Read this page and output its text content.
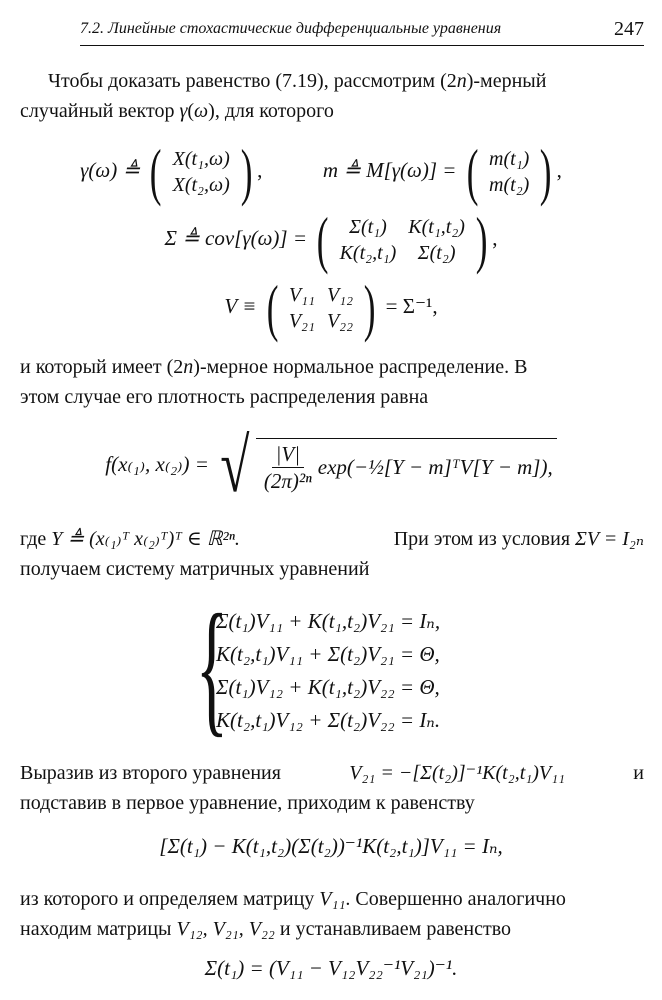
7.2. Линейные стохастические дифференциальные уравнения	247
Чтобы доказать равенство (7.19), рассмотрим (2n)-мерный
случайный вектор γ(ω), для которого
γ(ω) ≜ ( X(t₁,ω)
X(t₂,ω) ) ,	m ≜ M[γ(ω)] = ( m(t₁)
m(t₂) ) ,
Σ ≜ cov[γ(ω)] = ( Σ(t₁)	K(t₁,t₂)
K(t₂,t₁)	Σ(t₂) ) ,
V ≡ ( V₁₁	V₁₂
V₂₁	V₂₂ ) = Σ⁻¹,
и который имеет (2n)-мерное нормальное распределение. В
этом случае его плотность распределения равна
f(x₍₁₎, x₍₂₎) = √ $\frac{|V|}{\text{(2π)²ⁿ}}$ exp(−½[Y − m]ᵀV[Y − m]),
где Y ≜ (x₍₁₎ᵀ x₍₂₎ᵀ)ᵀ ∈ ℝ²ⁿ.	При этом из условия ΣV = I₂ₙ
получаем систему матричных уравнений
{
Σ(t₁)V₁₁ + K(t₁,t₂)V₂₁ = Iₙ,
K(t₂,t₁)V₁₁ + Σ(t₂)V₂₁ = Θ,
Σ(t₁)V₁₂ + K(t₁,t₂)V₂₂ = Θ,
K(t₂,t₁)V₁₂ + Σ(t₂)V₂₂ = Iₙ.
Выразив из второго уравнения	V₂₁ = −[Σ(t₂)]⁻¹K(t₂,t₁)V₁₁	и
подставив в первое уравнение, приходим к равенству
[Σ(t₁) − K(t₁,t₂)(Σ(t₂))⁻¹K(t₂,t₁)]V₁₁ = Iₙ,
из которого и определяем матрицу V₁₁. Совершенно аналогично
находим матрицы V₁₂, V₂₁, V₂₂ и устанавливаем равенство
Σ(t₁) = (V₁₁ − V₁₂V₂₂⁻¹V₂₁)⁻¹.
